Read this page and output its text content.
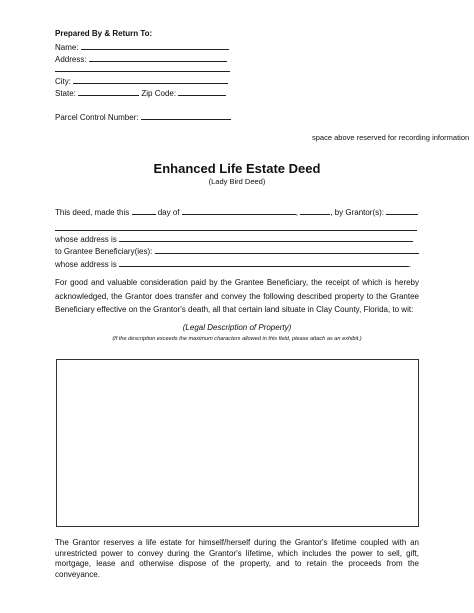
Prepared By & Return To:
Name:
Address:
City:
State:	Zip Code:
Parcel Control Number:
space above reserved for recording information
Enhanced Life Estate Deed
(Lady Bird Deed)
This deed, made this	day of	,	, by Grantor(s):
whose address is
to Grantee Beneficiary(ies):
whose address is	.
For good and valuable consideration paid by the Grantee Beneficiary, the receipt of which is hereby acknowledged, the Grantor does transfer and convey the following described property to the Grantee Beneficiary effective on the Grantor's death, all that certain land situate in Clay County, Florida, to wit:
(Legal Description of Property)
(If the description exceeds the maximum characters allowed in this field, please attach as an exhibit.)
The Grantor reserves a life estate for himself/herself during the Grantor's lifetime coupled with an unrestricted power to convey during the Grantor's lifetime, which includes the power to sell, gift, mortgage, lease and otherwise dispose of the property, and to retain the proceeds from the conveyance.
